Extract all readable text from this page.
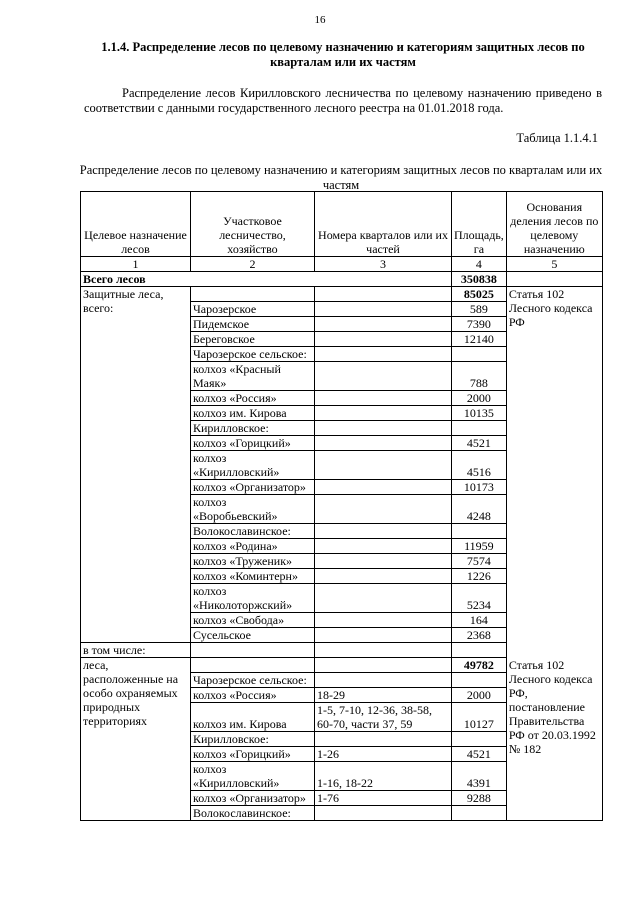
16
1.1.4. Распределение лесов по целевому назначению и категориям защитных лесов по кварталам или их частям
Распределение лесов Кирилловского лесничества по целевому назначению приведено в соответствии с данными государственного лесного реестра на 01.01.2018 года.
Таблица 1.1.4.1
Распределение лесов по целевому назначению и категориям защитных лесов по кварталам или их частям
Целевое назначение лесов	Участковое лесничество, хозяйство	Номера кварталов или их частей	Площадь, га	Основания деления лесов по целевому назначению
1	2	3	4	5
Всего лесов			350838	
Защитные леса, всего:			85025	Статья 102 Лесного кодекса РФ
	Чарозерское		589	
	Пидемское		7390	
	Береговское		12140	
	Чарозерское сельское:			
	колхоз «Красный Маяк»		788	
	колхоз «Россия»		2000	
	колхоз им. Кирова		10135	
	Кирилловское:			
	колхоз «Горицкий»		4521	
	колхоз «Кирилловский»		4516	
	колхоз «Организатор»		10173	
	колхоз «Воробьевский»		4248	
	Волокославинское:			
	колхоз «Родина»		11959	
	колхоз «Труженик»		7574	
	колхоз «Коминтерн»		1226	
	колхоз «Николоторжский»		5234	
	колхоз «Свобода»		164	
	Сусельское		2368	
в том числе:				
леса, расположенные на особо охраняемых природных территориях			49782	Статья 102 Лесного кодекса РФ, постановление Правительства РФ от 20.03.1992 № 182
	Чарозерское сельское:			
	колхоз «Россия»	18-29	2000	
	колхоз им. Кирова	1-5, 7-10, 12-36, 38-58, 60-70, части 37, 59	10127	
	Кирилловское:			
	колхоз «Горицкий»	1-26	4521	
	колхоз «Кирилловский»	1-16, 18-22	4391	
	колхоз «Организатор»	1-76	9288	
	Волокославинское:			
